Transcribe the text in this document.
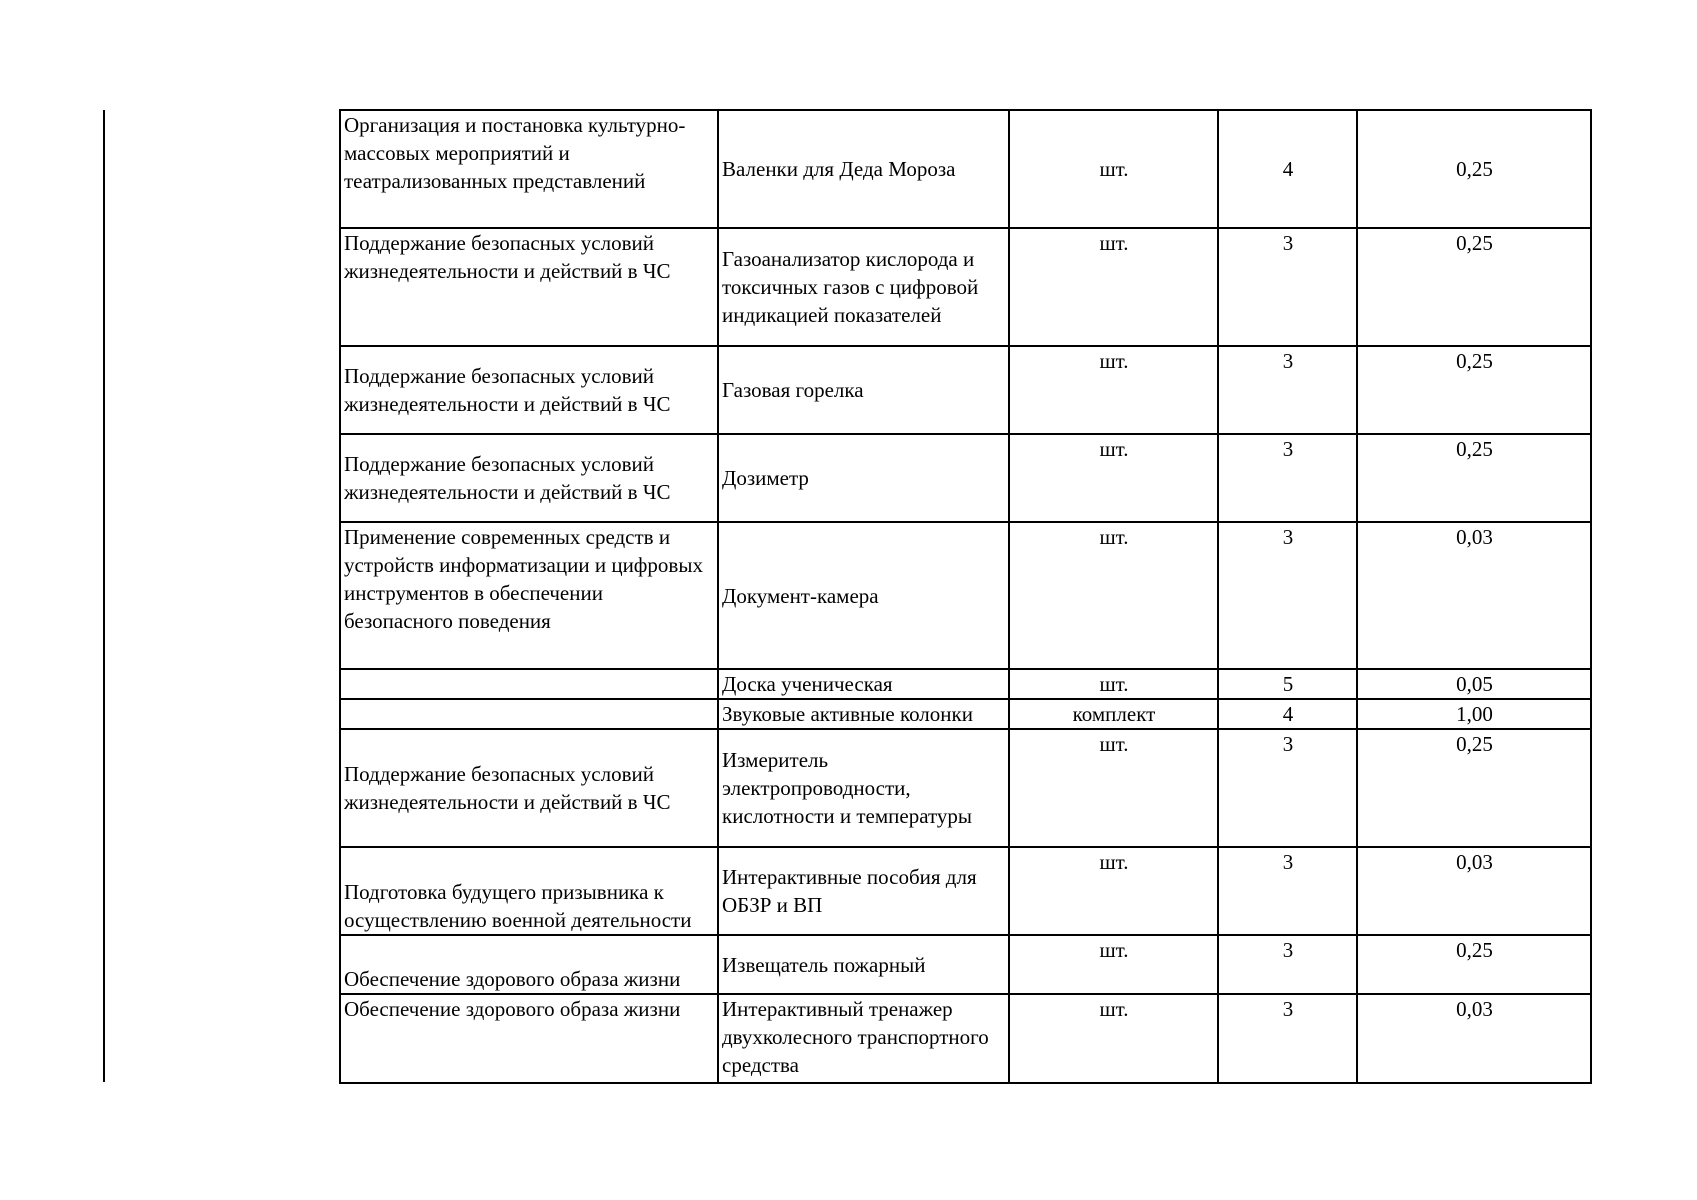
Организация и постановка культурно-массовых мероприятий и театрализованных представлений	Валенки для Деда Мороза	шт.	4	0,25
Поддержание безопасных условий жизнедеятельности и действий в ЧС	Газоанализатор кислорода и токсичных газов с цифровой индикацией показателей	шт.	3	0,25
Поддержание безопасных условий жизнедеятельности и действий в ЧС	Газовая горелка	шт.	3	0,25
Поддержание безопасных условий жизнедеятельности и действий в ЧС	Дозиметр	шт.	3	0,25
Применение современных средств и устройств информатизации и цифровых инструментов в обеспечении безопасного поведения	Документ-камера	шт.	3	0,03
	Доска ученическая	шт.	5	0,05
	Звуковые активные колонки	комплект	4	1,00
Поддержание безопасных условий жизнедеятельности и действий в ЧС	Измеритель электропроводности, кислотности и температуры	шт.	3	0,25
Подготовка будущего призывника к осуществлению военной деятельности	Интерактивные пособия для ОБЗР и ВП	шт.	3	0,03
Обеспечение здорового образа жизни	Извещатель пожарный	шт.	3	0,25
Обеспечение здорового образа жизни	Интерактивный тренажер двухколесного транспортного средства	шт.	3	0,03
